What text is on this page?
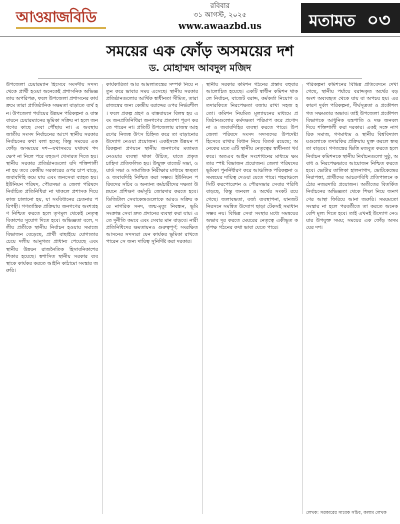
আওয়াজবিডি
রবিবার
৩১ আগস্ট, ২০২৫
www.awaazbd.us	মতামত ০৩
সময়ের এক ফোঁড় অসময়ের দশ
ড. মোহাম্মদ আবদুল মজিদ

উপজেলা চেয়ারম্যান হিসেবে সংসদীয় সদস্য থেকে প্রার্থী হওয়া অনেকেই প্রশাসনিক অভিজ্ঞতায় অপরিপক্ব, ফলে উপজেলা প্রশাসনের কার্যক্রমে তারা প্রাতিষ্ঠানিক সক্ষমতা বাড়াতে ব্যর্থ হন। উপজেলা পর্যায়ের উন্নয়ন পরিকল্পনা ও বাস্তবায়নে চেয়ারম্যানের ভূমিকা সক্রিয় না হলে জনগণের কাছে সেবা পৌঁছায় না। এ অবস্থায় জাতীয় সংসদ নির্বাচনের আগে স্থানীয় সরকার নির্বাচনের কথা বলা হচ্ছে; কিন্তু সময়ের এক ফোঁড় অসময়ের দশ—যথাসময়ে যথাযথ পদক্ষেপ না নিলে পরে বহুগুণ খেসারত দিতে হয়। স্থানীয় সরকার প্রতিষ্ঠানগুলো যদি শক্তিশালী না হয় তবে কেন্দ্রীয় সরকারের ওপর চাপ বাড়ে, জবাবদিহি কমে যায় এবং জনসেবা ব্যাহত হয়। ইউনিয়ন পরিষদ, পৌরসভা ও জেলা পরিষদে নির্বাচিত প্রতিনিধিরা না থাকলে প্রশাসক দিয়ে কাজ চালানো হয়, যা সংবিধানের চেতনার পরিপন্থী। গণতান্ত্রিক প্রক্রিয়ায় জনগণের অংশগ্রহণ নিশ্চিত করতে হলে তৃণমূল থেকেই নেতৃত্ব বিকাশের সুযোগ দিতে হবে। অভিজ্ঞতা বলে, দলীয় প্রতীকে স্থানীয় নির্বাচন হওয়ায় সমাজে বিভাজন বেড়েছে, প্রার্থী বাছাইয়ে যোগ্যতার চেয়ে দলীয় আনুগত্য প্রাধান্য পেয়েছে এবং স্থানীয় উন্নয়ন রাজনৈতিক হিসাবনিকাশের শিকার হয়েছে। স্বশাসিত স্থানীয় সরকার ব্যবস্থাকে কার্যকর করতে আইনি কাঠামো সংস্কার জরুরি।

কার্যকারিতা আর আমলাতন্ত্রের সম্পর্ক নিয়ে নতুন করে ভাবার সময় এসেছে। স্থানীয় সরকার প্রতিষ্ঠানগুলোর আর্থিক স্বাধীনতা সীমিত, তারা রাজস্বের জন্য কেন্দ্রীয় বরাদ্দের ওপর নির্ভরশীল। ফলে প্রকল্প গ্রহণ ও বাস্তবায়নে বিলম্ব হয় এবং জনপ্রতিনিধিরা জনগণের প্রত্যাশা পূরণ করতে পারেন না। প্রতিটি উপজেলায় রাজস্ব আহরণের নিজস্ব উৎস চিহ্নিত করে তা বাড়ানোর উদ্যোগ নেওয়া প্রয়োজন। একইসঙ্গে উন্নয়ন পরিকল্পনা প্রণয়নে স্থানীয় জনগণের মতামত নেওয়ার ব্যবস্থা থাকা উচিত, যাতে প্রকৃত চাহিদা প্রতিফলিত হয়। উন্মুক্ত বাজেট সভা, ওয়ার্ড সভা ও সামাজিক নিরীক্ষার মাধ্যমে স্বচ্ছতা ও জবাবদিহি নিশ্চিত করা সম্ভব। ইউনিয়ন পরিষদের সচিব ও অন্যান্য কর্মচারীদের দক্ষতা উন্নয়নে প্রশিক্ষণ কর্মসূচি জোরদার করতে হবে। ডিজিটাল সেবাকেন্দ্রগুলোকে আরও সক্রিয় করে নাগরিক সনদ, জন্ম-মৃত্যু নিবন্ধন, ভূমি সংক্রান্ত সেবা দ্রুত প্রদানের ব্যবস্থা করা যায়। এতে দুর্নীতি কমবে এবং সেবার মান বাড়বে। নারী প্রতিনিধিদের ক্ষমতায়নও গুরুত্বপূর্ণ; সংরক্ষিত আসনের সদস্যরা যেন কার্যকর ভূমিকা রাখতে পারেন সে জন্য দায়িত্ব সুনির্দিষ্ট করা দরকার।

স্থানীয় সরকার কমিশন গঠনের প্রস্তাব বহুবার আলোচিত হয়েছে। একটি স্বাধীন কমিশন থাকলে নির্বাচন, বাজেট বরাদ্দ, কর্মকর্তা নিয়োগ ও তদারকিতে নিরপেক্ষতা বজায় রাখা সহজ হতো। কমিশন নিয়মিত মূল্যায়নের মাধ্যমে প্রতিষ্ঠানগুলোর কর্মদক্ষতা পরিমাপ করে প্রণোদনা ও জবাবদিহির ব্যবস্থা করতে পারে। উপজেলা পরিষদে সংসদ সদস্যদের উপদেষ্টা হিসেবে রাখার বিধান নিয়ে বিতর্ক রয়েছে; অনেকের মতে এটি স্থানীয় নেতৃত্বের স্বাধীনতা খর্ব করে। অতএব আইন সংশোধনের মাধ্যমে ক্ষমতার স্পষ্ট বিভাজন প্রয়োজন। জেলা পরিষদের ভূমিকা পুনর্নির্ধারণ করে আঞ্চলিক পরিকল্পনা ও সমন্বয়ের দায়িত্ব দেওয়া যেতে পারে। শহরাঞ্চলে সিটি করপোরেশন ও পৌরসভার সেবার পরিধি বাড়ছে, কিন্তু জনবল ও অর্থের সংকট রয়ে গেছে। জলাবদ্ধতা, বর্জ্য ব্যবস্থাপনা, যানজট নিরসনে সমন্বিত উদ্যোগ ছাড়া টেকসই সমাধান সম্ভব নয়। বিভিন্ন সেবা সংস্থার মধ্যে সমন্বয়ের অভাব দূর করতে মেয়রের নেতৃত্বে একীভূত কর্তৃপক্ষ গঠনের কথা ভাবা যেতে পারে।

পরিকল্পনা কমিশনের বিভিন্ন প্রতিবেদনে দেখা গেছে, স্থানীয় পর্যায়ে বরাদ্দকৃত অর্থের বড় অংশ অব্যবহৃত থেকে যায় বা অপচয় হয়। এর কারণ দুর্বল পরিকল্পনা, দীর্ঘসূত্রতা ও প্রকৌশলগত সক্ষমতার অভাব। তাই উপজেলা প্রকৌশল বিভাগকে আধুনিক যন্ত্রপাতি ও দক্ষ জনবল দিয়ে শক্তিশালী করা দরকার। একই সঙ্গে নাগরিক সমাজ, গণমাধ্যম ও স্থানীয় বিশ্ববিদ্যালয়গুলোকে তদারকির প্রক্রিয়ায় যুক্ত করলে স্বচ্ছতা বাড়বে। গণতন্ত্রের ভিত্তি মজবুত করতে হলে নির্বাচন কমিশনকে স্থানীয় নির্বাচনগুলো সুষ্ঠু, অবাধ ও নিরপেক্ষভাবে আয়োজন নিশ্চিত করতে হবে। ভোটার তালিকা হালনাগাদ, ভোটকেন্দ্রের নিরাপত্তা, প্রার্থীদের আচরণবিধি প্রতিপালনে কঠোর নজরদারি প্রয়োজন। অতীতের বিতর্কিত নির্বাচনের অভিজ্ঞতা থেকে শিক্ষা নিয়ে জনগণের আস্থা ফিরিয়ে আনা জরুরি। সময়মতো সংস্কার না হলে পরবর্তীতে তা করতে অনেক বেশি মূল্য দিতে হবে। তাই এখনই উদ্যোগ নেওয়ার উপযুক্ত সময়; সময়ের এক ফোঁড় অসময়ের দশ।

লেখক: সরকারের সাবেক সচিব, কলাম লেখক
